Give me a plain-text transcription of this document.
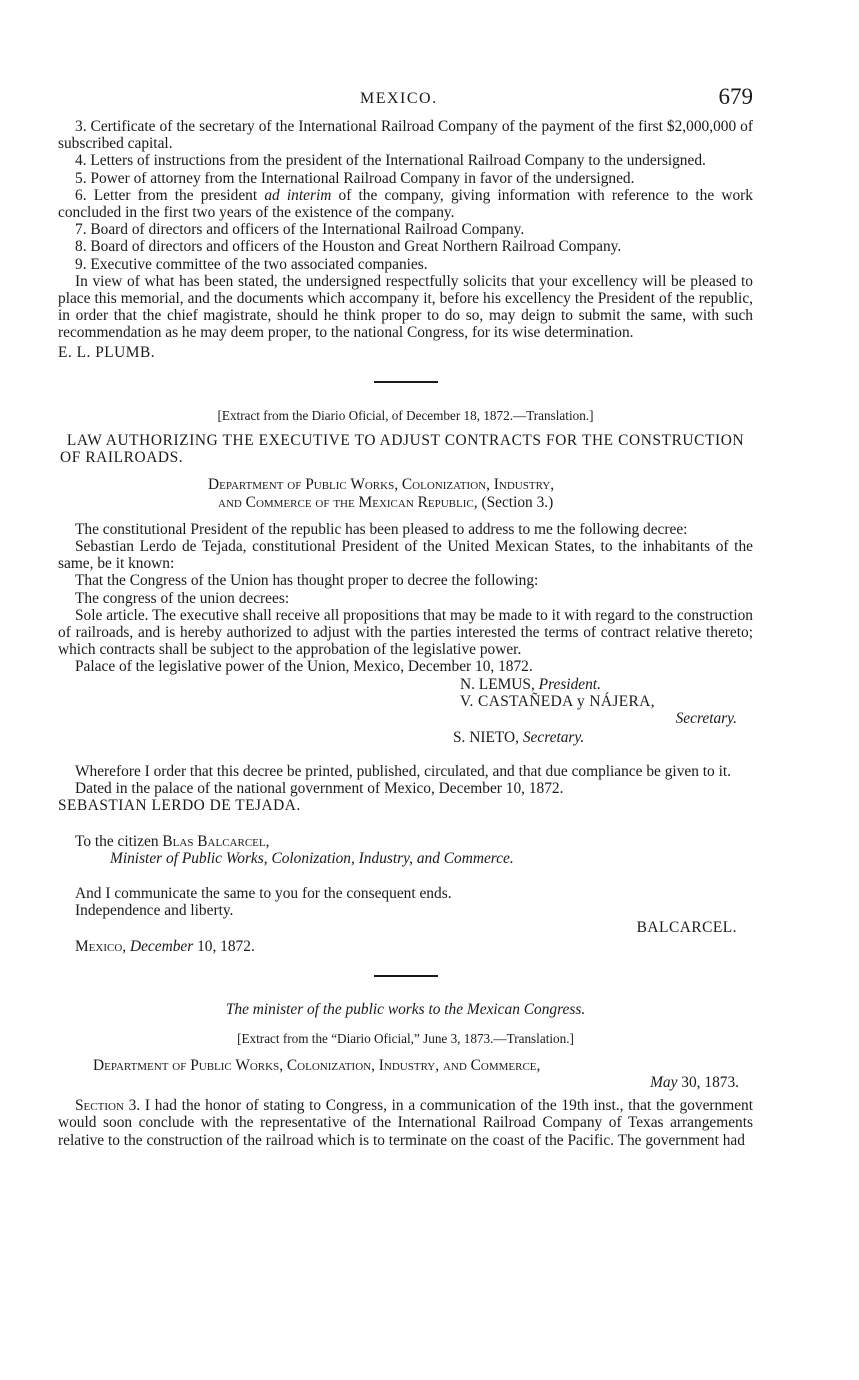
MEXICO.	679

3. Certificate of the secretary of the International Railroad Company of the payment of the first $2,000,000 of subscribed capital.

4. Letters of instructions from the president of the International Railroad Company to the undersigned.

5. Power of attorney from the International Railroad Company in favor of the undersigned.

6. Letter from the president ad interim of the company, giving information with reference to the work concluded in the first two years of the existence of the company.

7. Board of directors and officers of the International Railroad Company.

8. Board of directors and officers of the Houston and Great Northern Railroad Company.

9. Executive committee of the two associated companies.

In view of what has been stated, the undersigned respectfully solicits that your excellency will be pleased to place this memorial, and the documents which accompany it, before his excellency the President of the republic, in order that the chief magistrate, should he think proper to do so, may deign to submit the same, with such recommendation as he may deem proper, to the national Congress, for its wise determination.

E. L. PLUMB.

[Extract from the Diario Oficial, of December 18, 1872.—Translation.]

LAW AUTHORIZING THE EXECUTIVE TO ADJUST CONTRACTS FOR THE CONSTRUCTION OF RAILROADS.

Department of Public Works, Colonization, Industry,
and Commerce of the Mexican Republic, (Section 3.)

The constitutional President of the republic has been pleased to address to me the following decree:

Sebastian Lerdo de Tejada, constitutional President of the United Mexican States, to the inhabitants of the same, be it known:

That the Congress of the Union has thought proper to decree the following:

The congress of the union decrees:

Sole article. The executive shall receive all propositions that may be made to it with regard to the construction of railroads, and is hereby authorized to adjust with the parties interested the terms of contract relative thereto; which contracts shall be subject to the approbation of the legislative power.

Palace of the legislative power of the Union, Mexico, December 10, 1872.

N. LEMUS, President.
V. CASTAÑEDA y NÁJERA,
Secretary.
S. NIETO, Secretary.

Wherefore I order that this decree be printed, published, circulated, and that due compliance be given to it.

Dated in the palace of the national government of Mexico, December 10, 1872.

SEBASTIAN LERDO DE TEJADA.

To the citizen Blas Balcarcel,
Minister of Public Works, Colonization, Industry, and Commerce.
And I communicate the same to you for the consequent ends.
Independence and liberty.
BALCARCEL.
Mexico, December 10, 1872.

The minister of the public works to the Mexican Congress.

[Extract from the “Diario Oficial,” June 3, 1873.—Translation.]

Department of Public Works, Colonization, Industry, and Commerce,
May 30, 1873.

Section 3. I had the honor of stating to Congress, in a communication of the 19th inst., that the government would soon conclude with the representative of the International Railroad Company of Texas arrangements relative to the construction of the railroad which is to terminate on the coast of the Pacific. The government had
